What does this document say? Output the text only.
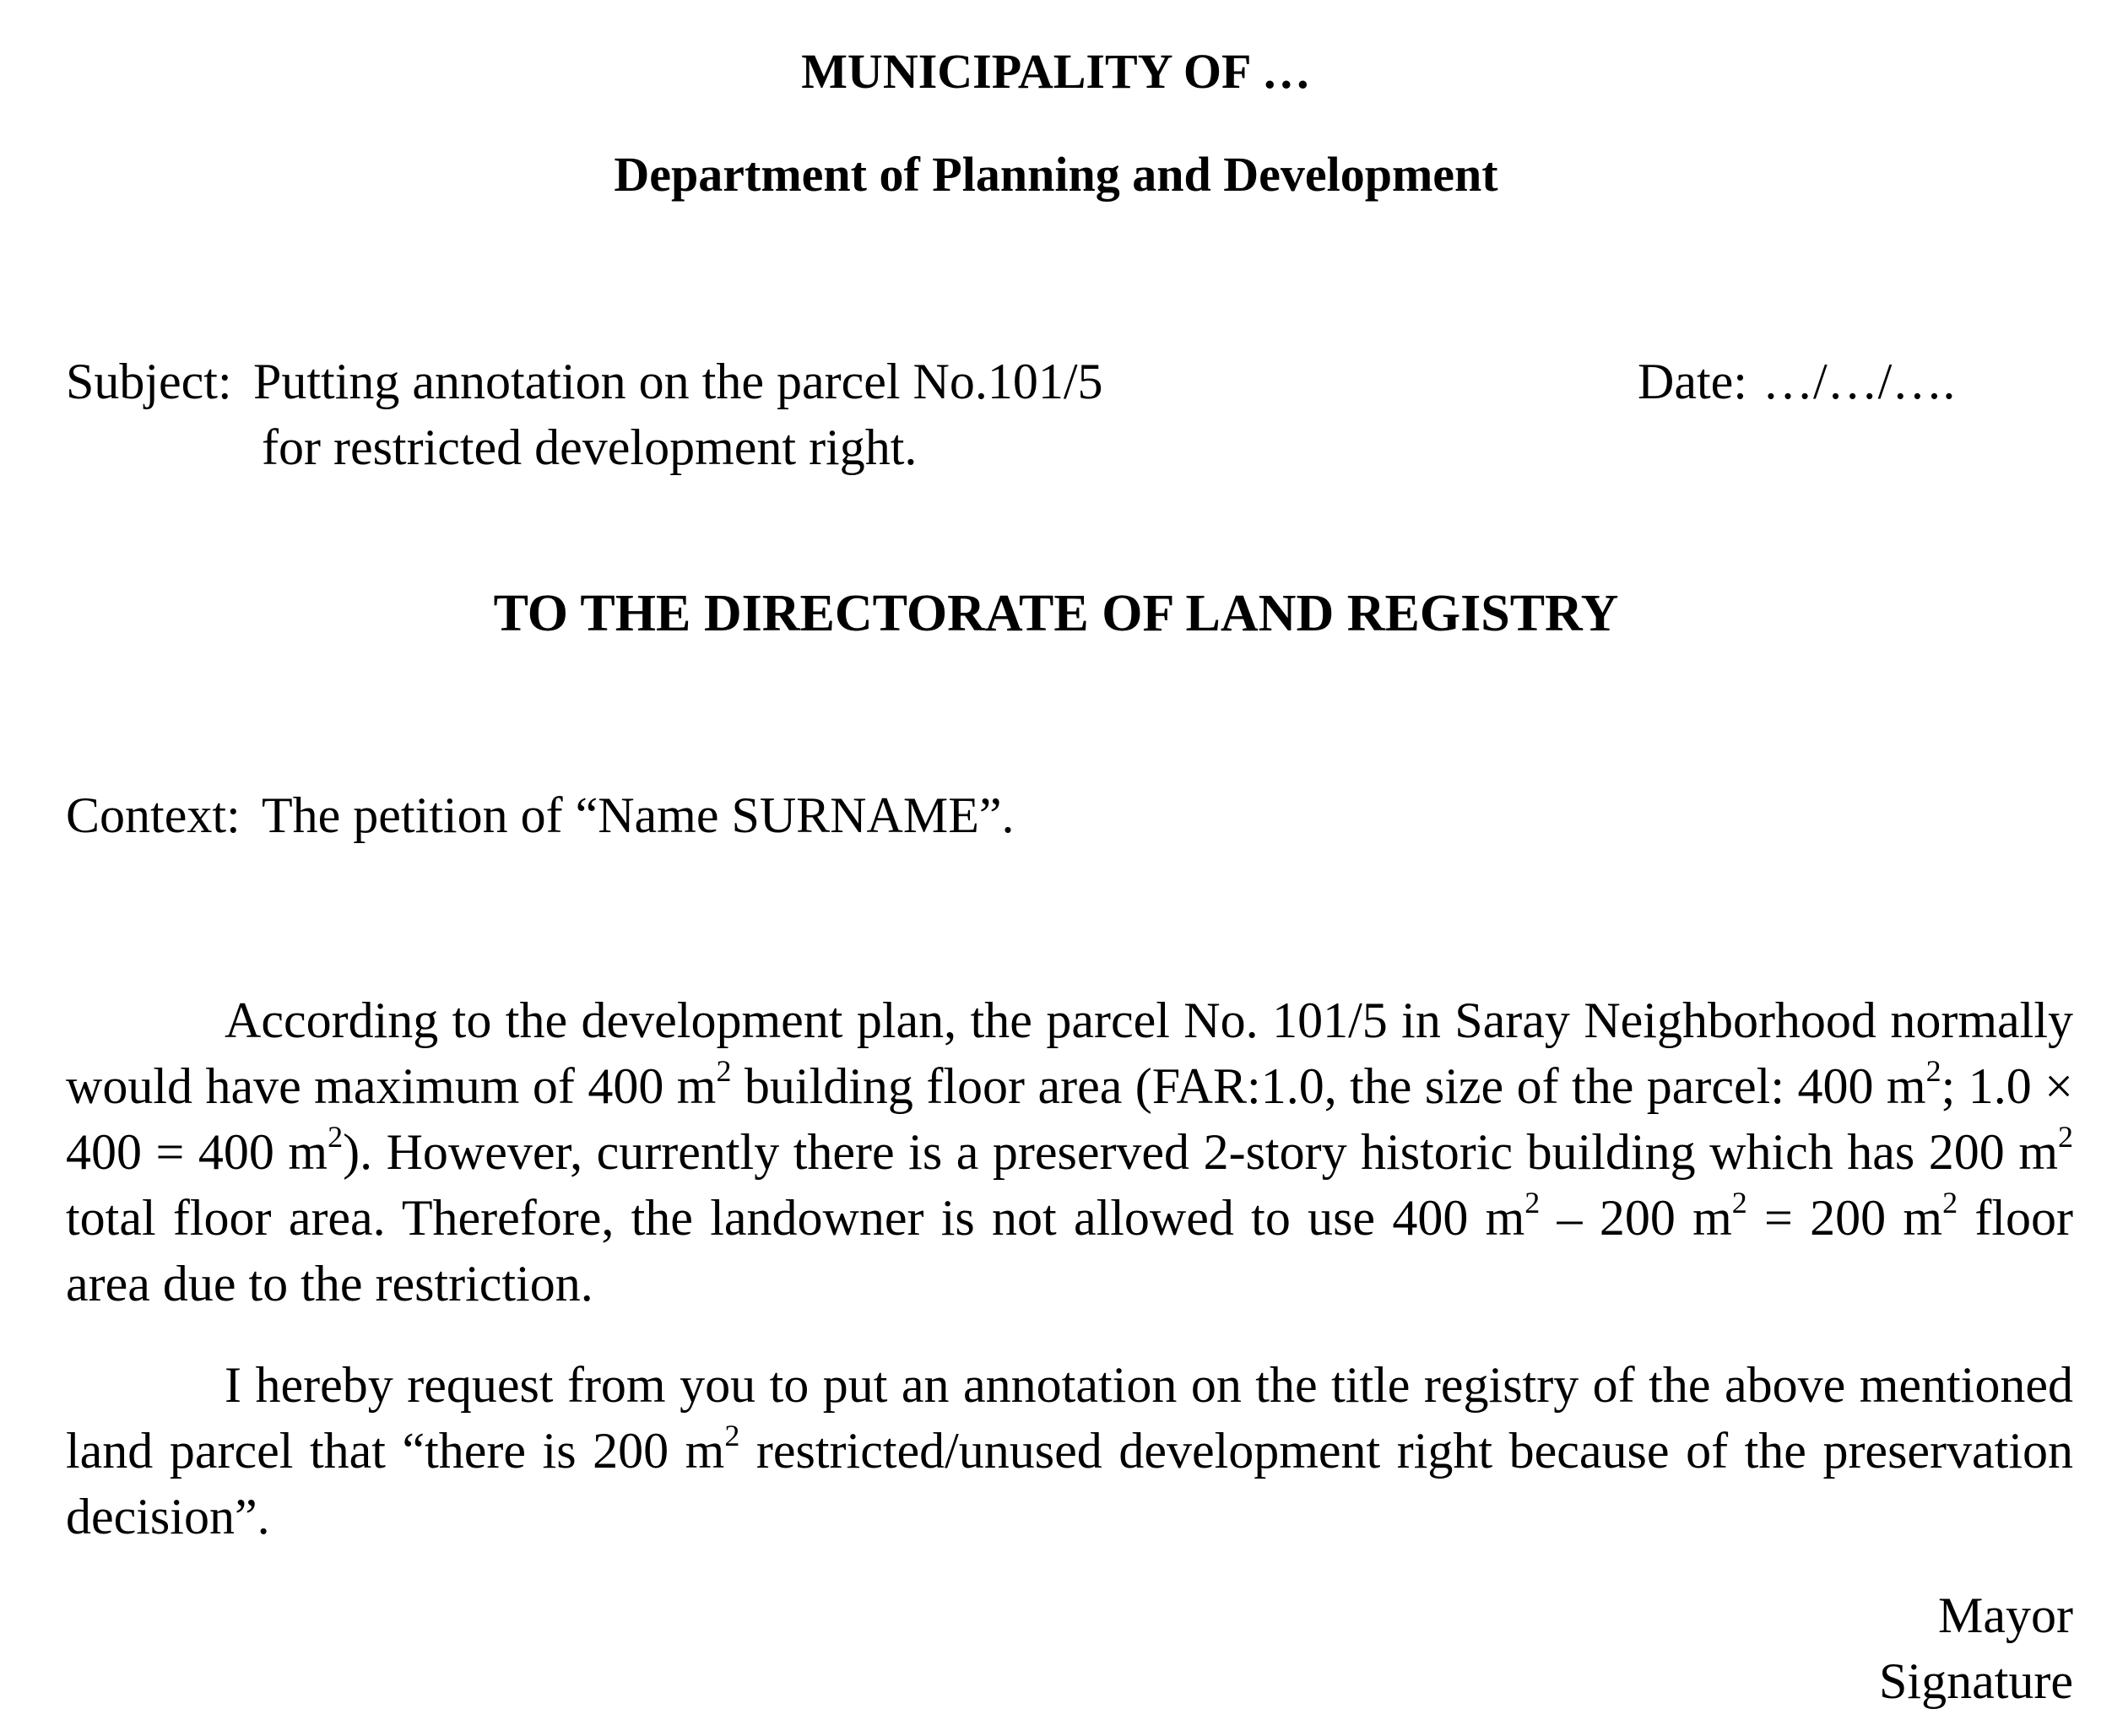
MUNICIPALITY OF …
Department of Planning and Development
Subject: Putting annotation on the parcel No.101/5
for restricted development right.
Date: …/…/….
TO THE DIRECTORATE OF LAND REGISTRY
Context: The petition of “Name SURNAME”.
According to the development plan, the parcel No. 101/5 in Saray Neighborhood normally would have maximum of 400 $m^2$ building floor area (FAR:1.0, the size of the parcel: 400 $m^2$; 1.0 × 400 = 400 $m^2$). However, currently there is a preserved 2-story historic building which has 200 $m^2$ total floor area. Therefore, the landowner is not allowed to use 400 $m^2 - 200$ $m^2 = 200$ $m^2$ floor area due to the restriction.
I hereby request from you to put an annotation on the title registry of the above mentioned land parcel that “there is 200 $m^2$ restricted/unused development right because of the preservation decision”.
Mayor
Signature
